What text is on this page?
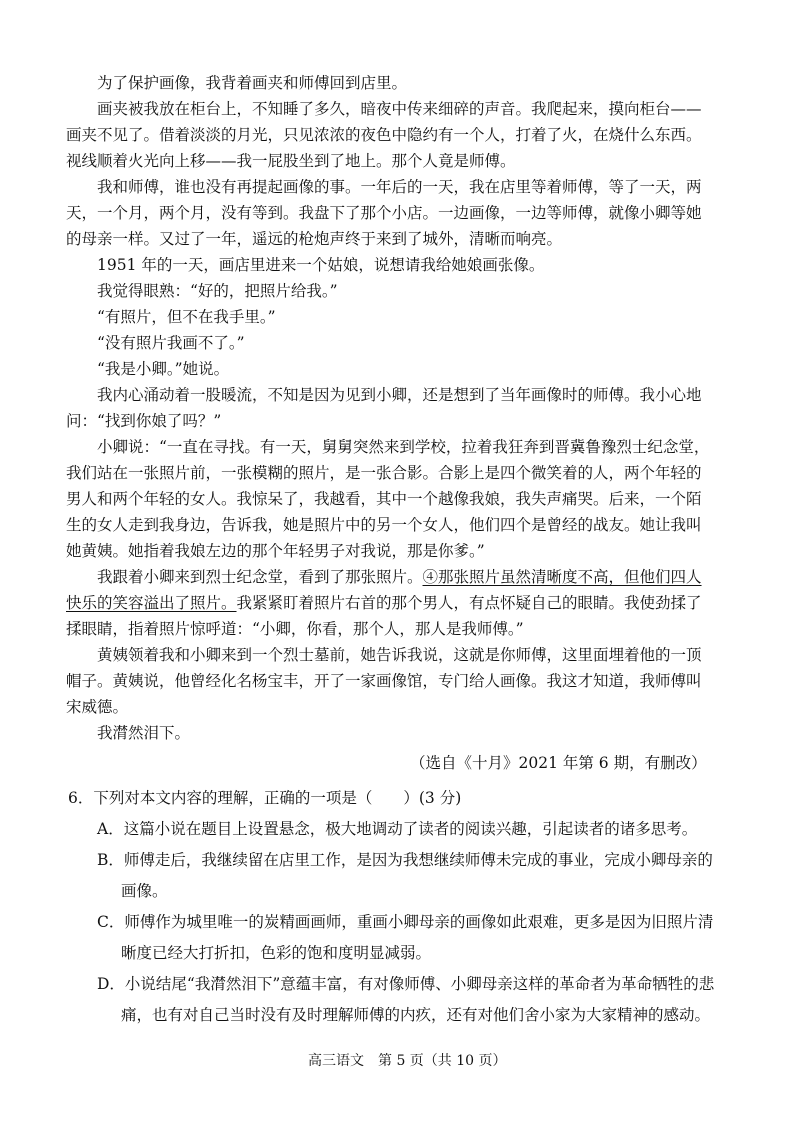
为了保护画像，我背着画夹和师傅回到店里。
画夹被我放在柜台上，不知睡了多久，暗夜中传来细碎的声音。我爬起来，摸向柜台——
画夹不见了。借着淡淡的月光，只见浓浓的夜色中隐约有一个人，打着了火，在烧什么东西。
视线顺着火光向上移——我一屁股坐到了地上。那个人竟是师傅。
我和师傅，谁也没有再提起画像的事。一年后的一天，我在店里等着师傅，等了一天，两
天，一个月，两个月，没有等到。我盘下了那个小店。一边画像，一边等师傅，就像小卿等她
的母亲一样。又过了一年，遥远的枪炮声终于来到了城外，清晰而响亮。
1951 年的一天，画店里进来一个姑娘，说想请我给她娘画张像。
我觉得眼熟：“好的，把照片给我。”
“有照片，但不在我手里。”
“没有照片我画不了。”
“我是小卿。”她说。
我内心涌动着一股暖流，不知是因为见到小卿，还是想到了当年画像时的师傅。我小心地
问：“找到你娘了吗？”
小卿说：“一直在寻找。有一天，舅舅突然来到学校，拉着我狂奔到晋冀鲁豫烈士纪念堂，
我们站在一张照片前，一张模糊的照片，是一张合影。合影上是四个微笑着的人，两个年轻的
男人和两个年轻的女人。我惊呆了，我越看，其中一个越像我娘，我失声痛哭。后来，一个陌
生的女人走到我身边，告诉我，她是照片中的另一个女人，他们四个是曾经的战友。她让我叫
她黄姨。她指着我娘左边的那个年轻男子对我说，那是你爹。”
我跟着小卿来到烈士纪念堂，看到了那张照片。④那张照片虽然清晰度不高，但他们四人
快乐的笑容溢出了照片。我紧紧盯着照片右首的那个男人，有点怀疑自己的眼睛。我使劲揉了
揉眼睛，指着照片惊呼道：“小卿，你看，那个人，那人是我师傅。”
黄姨领着我和小卿来到一个烈士墓前，她告诉我说，这就是你师傅，这里面埋着他的一顶
帽子。黄姨说，他曾经化名杨宝丰，开了一家画像馆，专门给人画像。我这才知道，我师傅叫
宋威德。
我潸然泪下。
（选自《十月》2021 年第 6 期，有删改）
6．下列对本文内容的理解，正确的一项是（　　）(3 分)
A．这篇小说在题目上设置悬念，极大地调动了读者的阅读兴趣，引起读者的诸多思考。
B．师傅走后，我继续留在店里工作，是因为我想继续师傅未完成的事业，完成小卿母亲的
画像。
C．师傅作为城里唯一的炭精画画师，重画小卿母亲的画像如此艰难，更多是因为旧照片清
晰度已经大打折扣，色彩的饱和度明显减弱。
D．小说结尾“我潸然泪下”意蕴丰富，有对像师傅、小卿母亲这样的革命者为革命牺牲的悲
痛，也有对自己当时没有及时理解师傅的内疚，还有对他们舍小家为大家精神的感动。
高三语文　第 5 页（共 10 页）
